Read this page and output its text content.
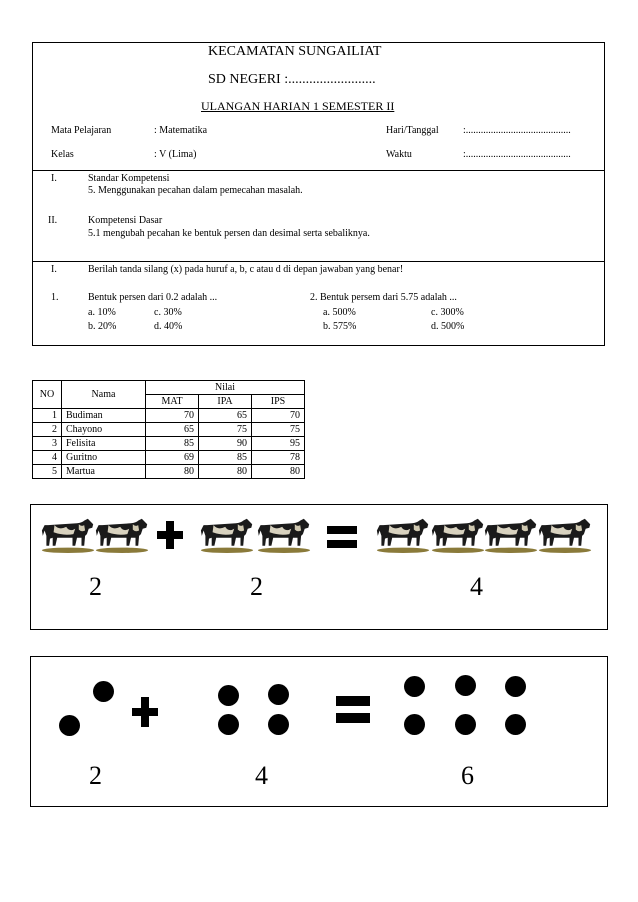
KECAMATAN SUNGAILIAT
SD NEGERI :.........................
ULANGAN HARIAN 1 SEMESTER II
Mata Pelajaran	: Matematika	Hari/Tanggal :..........................................
Kelas	: V (Lima)	Waktu	:..........................................
I.	Standar Kompetensi
5. Menggunakan pecahan dalam pemecahan masalah.
II.	Kompetensi Dasar
5.1 mengubah pecahan ke bentuk persen dan desimal serta sebaliknya.
I.	Berilah tanda silang (x) pada huruf a, b, c atau d di depan jawaban yang benar!
1.	Bentuk persen dari 0.2 adalah ...
a. 10%	c. 30%
b. 20%	d. 40%
2. Bentuk persem dari 5.75 adalah ...
a. 500%	c. 300%
b. 575%	d. 500%
NO	Nama	Nilai		
		MAT	IPA	IPS
1	Budiman	70	65	70
2	Chayono	65	75	75
3	Felisita	85	90	95
4	Guritno	69	85	78
5	Martua	80	80	80
2	2	4
2	4	6
